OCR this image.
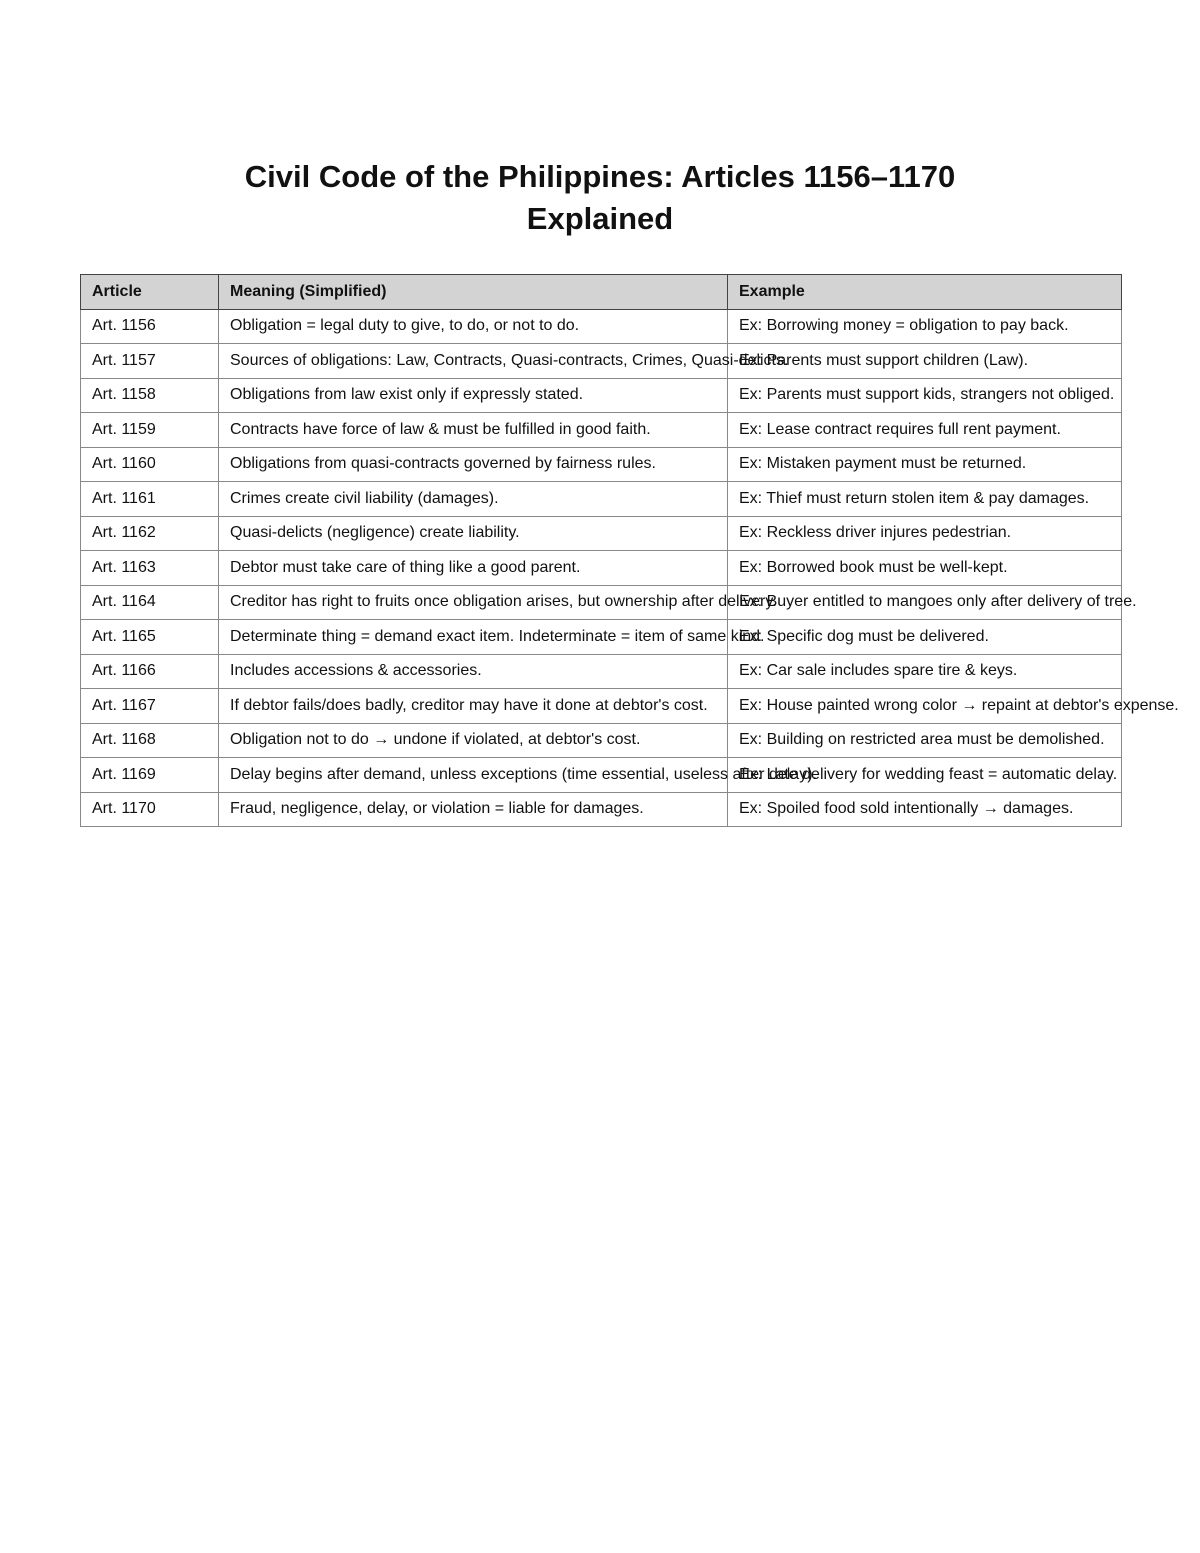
Civil Code of the Philippines: Articles 1156–1170
Explained
Article	Meaning (Simplified)	Example
Art. 1156	Obligation = legal duty to give, to do, or not to do.	Ex: Borrowing money = obligation to pay back.
Art. 1157	Sources of obligations: Law, Contracts, Quasi-contracts, Crimes, Quasi-delicts.	Ex: Parents must support children (Law).
Art. 1158	Obligations from law exist only if expressly stated.	Ex: Parents must support kids, strangers not obliged.
Art. 1159	Contracts have force of law & must be fulfilled in good faith.	Ex: Lease contract requires full rent payment.
Art. 1160	Obligations from quasi-contracts governed by fairness rules.	Ex: Mistaken payment must be returned.
Art. 1161	Crimes create civil liability (damages).	Ex: Thief must return stolen item & pay damages.
Art. 1162	Quasi-delicts (negligence) create liability.	Ex: Reckless driver injures pedestrian.
Art. 1163	Debtor must take care of thing like a good parent.	Ex: Borrowed book must be well-kept.
Art. 1164	Creditor has right to fruits once obligation arises, but ownership after delivery.	Ex: Buyer entitled to mangoes only after delivery of tree.
Art. 1165	Determinate thing = demand exact item. Indeterminate = item of same kind.	Ex: Specific dog must be delivered.
Art. 1166	Includes accessions & accessories.	Ex: Car sale includes spare tire & keys.
Art. 1167	If debtor fails/does badly, creditor may have it done at debtor's cost.	Ex: House painted wrong color → repaint at debtor's expense.
Art. 1168	Obligation not to do → undone if violated, at debtor's cost.	Ex: Building on restricted area must be demolished.
Art. 1169	Delay begins after demand, unless exceptions (time essential, useless after delay).	Ex: Late delivery for wedding feast = automatic delay.
Art. 1170	Fraud, negligence, delay, or violation = liable for damages.	Ex: Spoiled food sold intentionally → damages.
